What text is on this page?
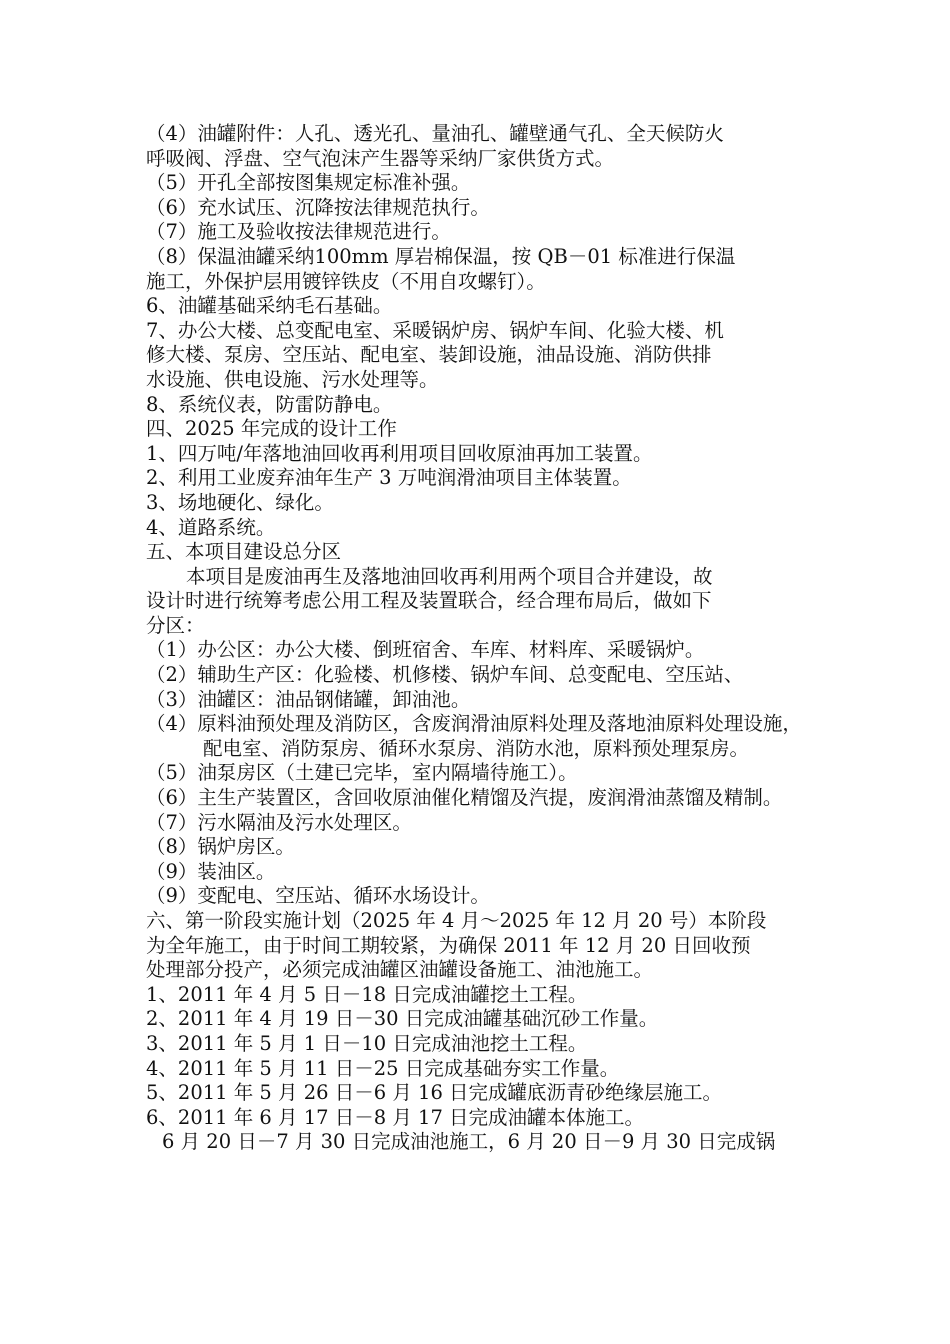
（4）油罐附件：人孔、透光孔、量油孔、罐壁通气孔、全天候防火

呼吸阀、浮盘、空气泡沫产生器等采纳厂家供货方式。

（5）开孔全部按图集规定标准补强。

（6）充水试压、沉降按法律规范执行。

（7）施工及验收按法律规范进行。

（8）保温油罐采纳100mm 厚岩棉保温，按 QB－01 标准进行保温

施工，外保护层用镀锌铁皮（不用自攻螺钉）。

6、油罐基础采纳毛石基础。

7、办公大楼、总变配电室、采暖锅炉房、锅炉车间、化验大楼、机

修大楼、泵房、空压站、配电室、装卸设施，油品设施、消防供排

水设施、供电设施、污水处理等。

8、系统仪表，防雷防静电。

四、2025 年完成的设计工作

1、四万吨/年落地油回收再利用项目回收原油再加工装置。

2、利用工业废弃油年生产 3 万吨润滑油项目主体装置。

3、场地硬化、绿化。

4、道路系统。

五、本项目建设总分区

本项目是废油再生及落地油回收再利用两个项目合并建设，故

设计时进行统筹考虑公用工程及装置联合，经合理布局后，做如下

分区：

（1）办公区：办公大楼、倒班宿舍、车库、材料库、采暖锅炉。

（2）辅助生产区：化验楼、机修楼、锅炉车间、总变配电、空压站、

（3）油罐区：油品钢储罐，卸油池。

（4）原料油预处理及消防区，含废润滑油原料处理及落地油原料处理设施，配电室、消防泵房、循环水泵房、消防水池，原料预处理泵房。

（5）油泵房区（土建已完毕，室内隔墙待施工）。

（6）主生产装置区，含回收原油催化精馏及汽提，废润滑油蒸馏及精制。

（7）污水隔油及污水处理区。

（8）锅炉房区。

（9）装油区。

（9）变配电、空压站、循环水场设计。

六、第一阶段实施计划（2025 年 4 月～2025 年 12 月 20 号）本阶段

为全年施工，由于时间工期较紧，为确保 2011 年 12 月 20 日回收预

处理部分投产，必须完成油罐区油罐设备施工、油池施工。

1、2011 年 4 月 5 日－18 日完成油罐挖土工程。

2、2011 年 4 月 19 日－30 日完成油罐基础沉砂工作量。

3、2011 年 5 月 1 日－10 日完成油池挖土工程。

4、2011 年 5 月 11 日－25 日完成基础夯实工作量。

5、2011 年 5 月 26 日－6 月 16 日完成罐底沥青砂绝缘层施工。

6、2011 年 6 月 17 日－8 月 17 日完成油罐本体施工。

6 月 20 日－7 月 30 日完成油池施工，6 月 20 日－9 月 30 日完成锅
